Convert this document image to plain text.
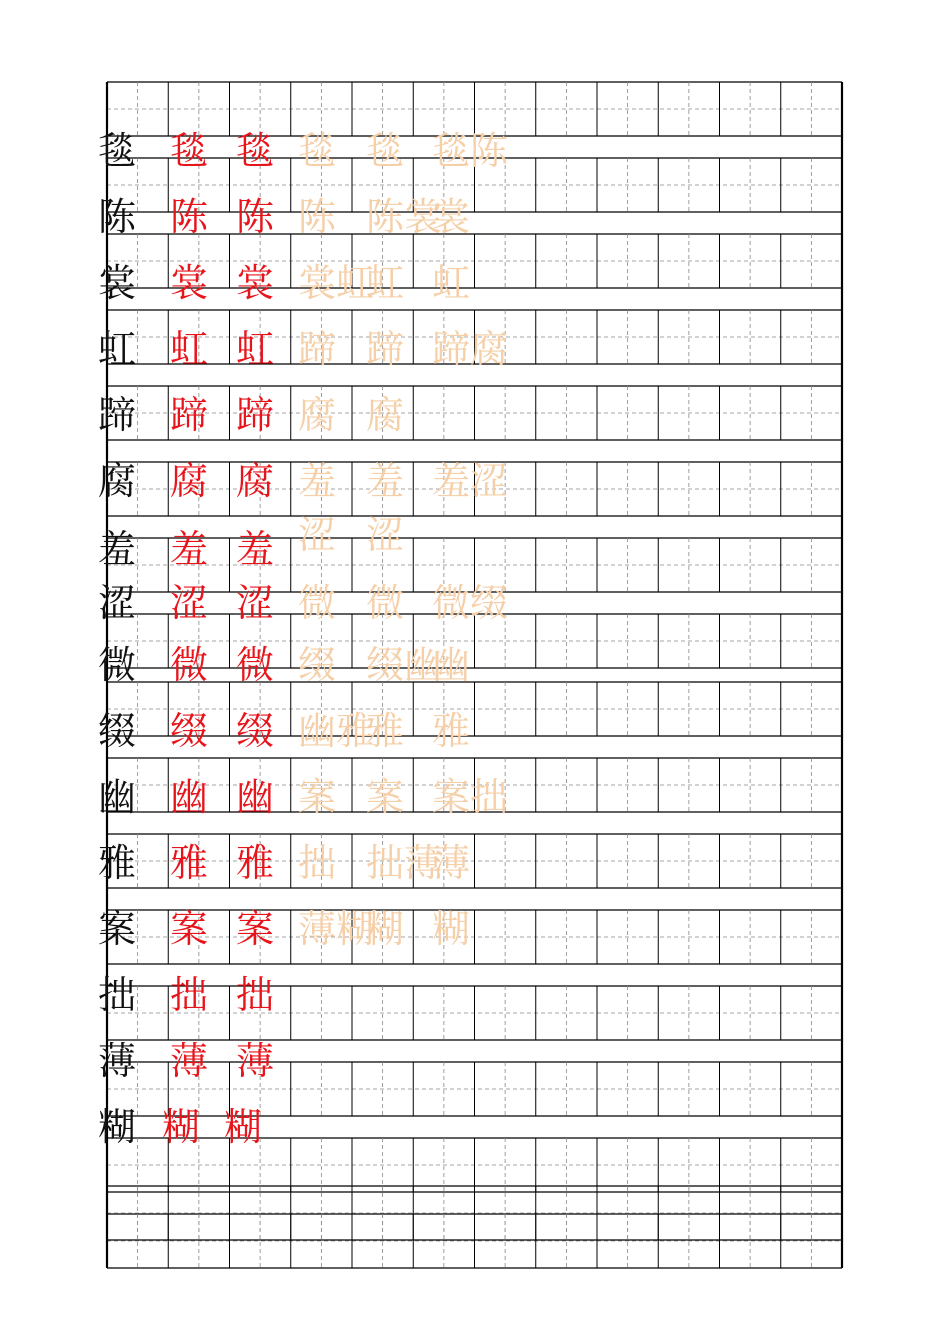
毯
陈
裳
虹
蹄
腐
羞
涩
微
缀
幽
雅
案
拙
薄
糊
毯 毯
陈 陈
裳 裳
虹 虹
蹄 蹄
腐 腐
羞 羞
涩 涩
微 微
缀 缀
幽 幽
雅 雅
案 案
拙 拙
薄 薄
糊 糊
毯 毯 毯陈
陈 陈裳
裳
裳虹
虹 虹
蹄 蹄 蹄腐
腐 腐
羞 羞 羞涩
涩 涩
微 微 微缀
缀 缀幽
幽
幽雅
雅 雅
案 案 案拙
拙 拙薄
薄
薄糊
糊 糊
